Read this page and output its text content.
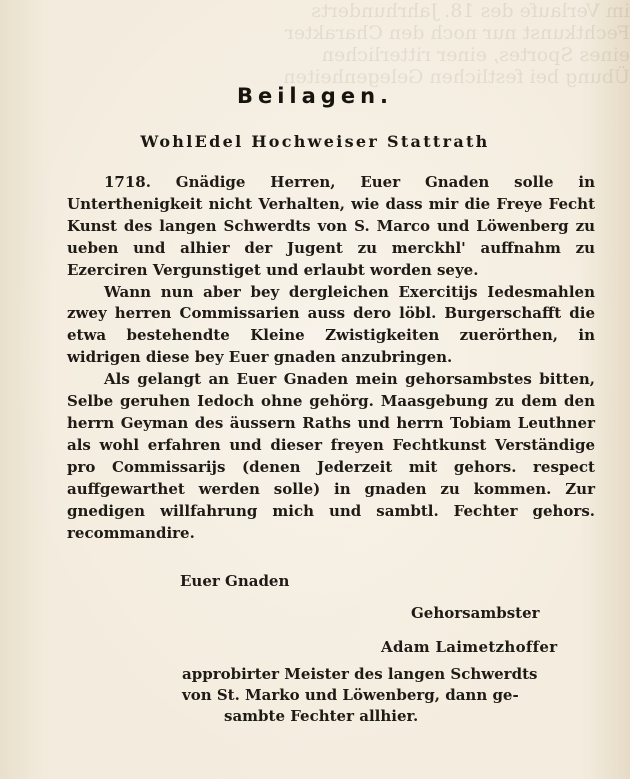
im Verlaufe des 18. Jahrhunderts
Fechtkunst nur noch den Charakter
eines Sportes, einer ritterlichen
Übung bei festlichen Gelegenheiten
Beilagen.
WohlEdel Hochweiser Stattrath

1718. Gnädige Herren, Euer Gnaden solle in Unterthenigkeit nicht Verhalten, wie dass mir die Freye Fecht Kunst des langen Schwerdts von S. Marco und Löwenberg zu ueben und alhier der Jugent zu merckhl' auffnahm zu Ezerciren Vergunstiget und erlaubt worden seye.

Wann nun aber bey dergleichen Exercitijs Iedesmahlen zwey herren Commissarien auss dero löbl. Burgerschafft die etwa bestehendte Kleine Zwistigkeiten zuerörthen, in widrigen diese bey Euer gnaden anzubringen.

Als gelangt an Euer Gnaden mein gehorsambstes bitten, Selbe geruhen Iedoch ohne gehörg. Maasgebung zu dem den herrn Geyman des äussern Raths und herrn Tobiam Leuthner als wohl erfahren und dieser freyen Fechtkunst Verständige pro Commissarijs (denen Jederzeit mit gehors. respect auffgewarthet werden solle) in gnaden zu kommen. Zur gnedigen willfahrung mich und sambtl. Fechter gehors. recommandire.

Euer Gnaden
Gehorsambster
Adam Laimetzhoffer
approbirter Meister des langen Schwerdts
von St. Marko und Löwenberg, dann ge-
sambte Fechter allhier.
